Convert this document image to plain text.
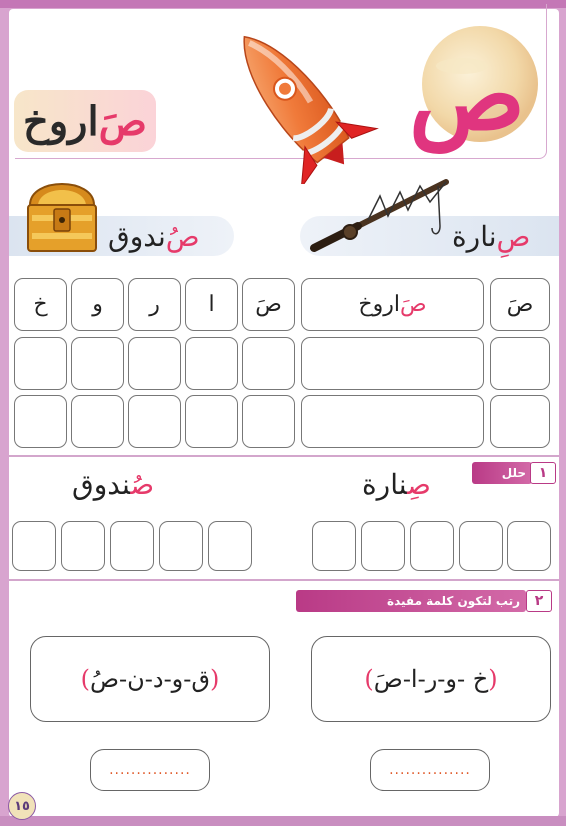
ص
صَ
اروخ
صُ
ندوق	صِ
نارة
صَ
صَ
اروخ
صَ
ا
ر
و
خ
حلل ١
صِنارة
صُندوق
رتب لتكون كلمة مفيدة	٢
(
خ -و-ر-ا-صَ
)
(
ق-و-د-ن-صُ
)
...............
...............
١٥
